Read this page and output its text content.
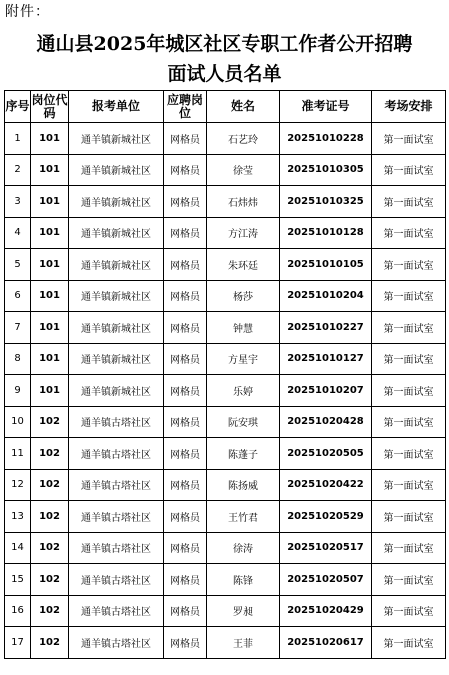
附件：
通山县2025年城区社区专职工作者公开招聘
面试人员名单
序号	岗位代码	报考单位	应聘岗位	姓名	准考证号	考场安排
1	101	通羊镇新城社区	网格员	石艺玲	20251010228	第一面试室
2	101	通羊镇新城社区	网格员	徐莹	20251010305	第一面试室
3	101	通羊镇新城社区	网格员	石炜炜	20251010325	第一面试室
4	101	通羊镇新城社区	网格员	方江涛	20251010128	第一面试室
5	101	通羊镇新城社区	网格员	朱环廷	20251010105	第一面试室
6	101	通羊镇新城社区	网格员	杨莎	20251010204	第一面试室
7	101	通羊镇新城社区	网格员	钟慧	20251010227	第一面试室
8	101	通羊镇新城社区	网格员	方星宇	20251010127	第一面试室
9	101	通羊镇新城社区	网格员	乐婷	20251010207	第一面试室
10	102	通羊镇古塔社区	网格员	阮安琪	20251020428	第一面试室
11	102	通羊镇古塔社区	网格员	陈蓬子	20251020505	第一面试室
12	102	通羊镇古塔社区	网格员	陈扬威	20251020422	第一面试室
13	102	通羊镇古塔社区	网格员	王竹君	20251020529	第一面试室
14	102	通羊镇古塔社区	网格员	徐涛	20251020517	第一面试室
15	102	通羊镇古塔社区	网格员	陈锋	20251020507	第一面试室
16	102	通羊镇古塔社区	网格员	罗昶	20251020429	第一面试室
17	102	通羊镇古塔社区	网格员	王菲	20251020617	第一面试室
